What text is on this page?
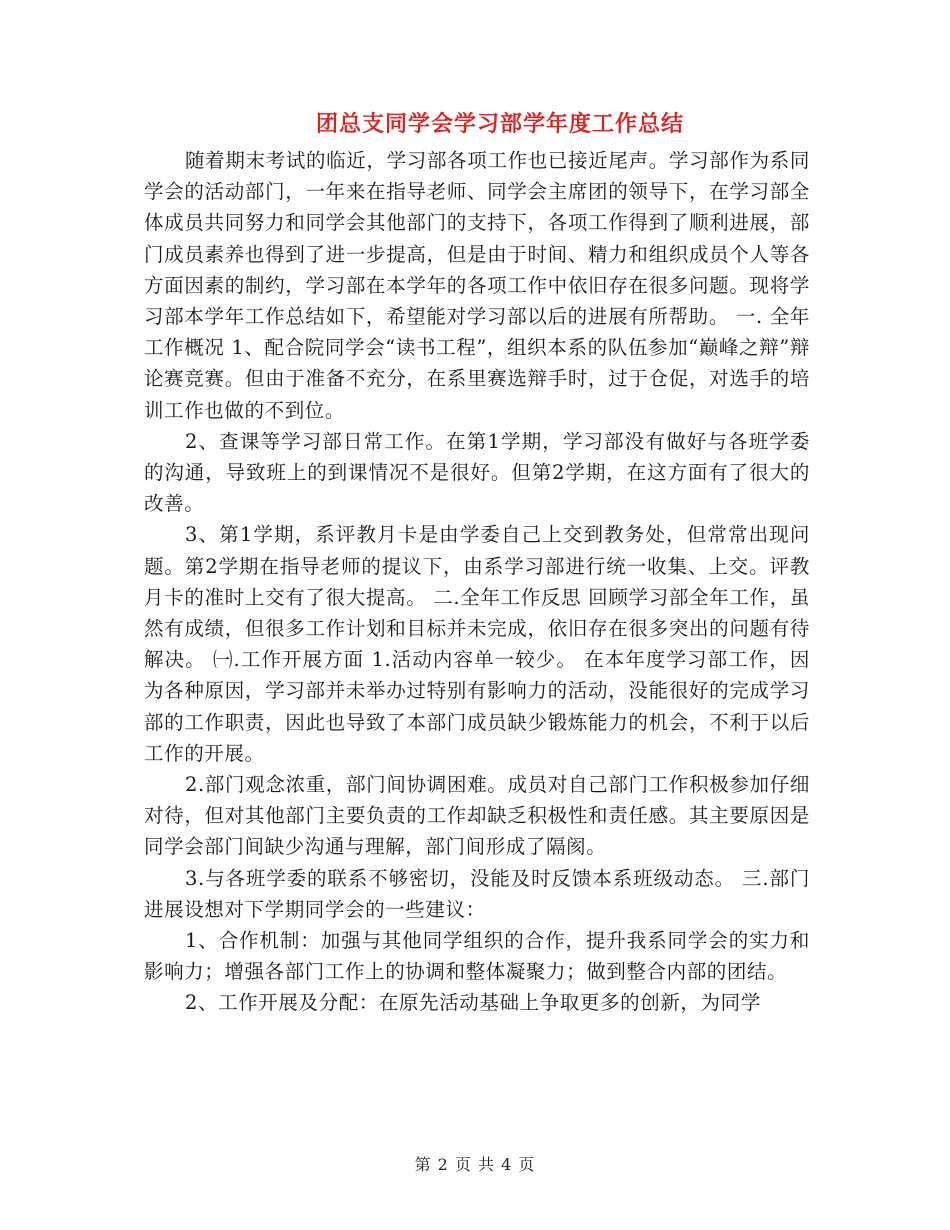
团总支同学会学习部学年度工作总结

随着期末考试的临近，学习部各项工作也已接近尾声。学习部作为系同学会的活动部门，一年来在指导老师、同学会主席团的领导下，在学习部全体成员共同努力和同学会其他部门的支持下，各项工作得到了顺利进展，部门成员素养也得到了进一步提高，但是由于时间、精力和组织成员个人等各方面因素的制约，学习部在本学年的各项工作中依旧存在很多问题。现将学习部本学年工作总结如下，希望能对学习部以后的进展有所帮助。 一. 全年工作概况 1、配合院同学会“读书工程”，组织本系的队伍参加“巅峰之辩”辩论赛竞赛。但由于准备不充分，在系里赛选辩手时，过于仓促，对选手的培训工作也做的不到位。

2、查课等学习部日常工作。在第1学期，学习部没有做好与各班学委的沟通，导致班上的到课情况不是很好。但第2学期，在这方面有了很大的改善。

3、第1学期，系评教月卡是由学委自己上交到教务处，但常常出现问题。第2学期在指导老师的提议下，由系学习部进行统一收集、上交。评教月卡的准时上交有了很大提高。 二.全年工作反思 回顾学习部全年工作，虽然有成绩，但很多工作计划和目标并未完成，依旧存在很多突出的问题有待解决。 ㈠.工作开展方面 1.活动内容单一较少。 在本年度学习部工作，因为各种原因，学习部并未举办过特别有影响力的活动，没能很好的完成学习部的工作职责，因此也导致了本部门成员缺少锻炼能力的机会，不利于以后工作的开展。

2.部门观念浓重，部门间协调困难。成员对自己部门工作积极参加仔细对待，但对其他部门主要负责的工作却缺乏积极性和责任感。其主要原因是同学会部门间缺少沟通与理解，部门间形成了隔阂。

3.与各班学委的联系不够密切，没能及时反馈本系班级动态。 三.部门进展设想对下学期同学会的一些建议：

1、合作机制：加强与其他同学组织的合作，提升我系同学会的实力和影响力；增强各部门工作上的协调和整体凝聚力；做到整合内部的团结。

2、工作开展及分配：在原先活动基础上争取更多的创新，为同学

第 2 页 共 4 页
